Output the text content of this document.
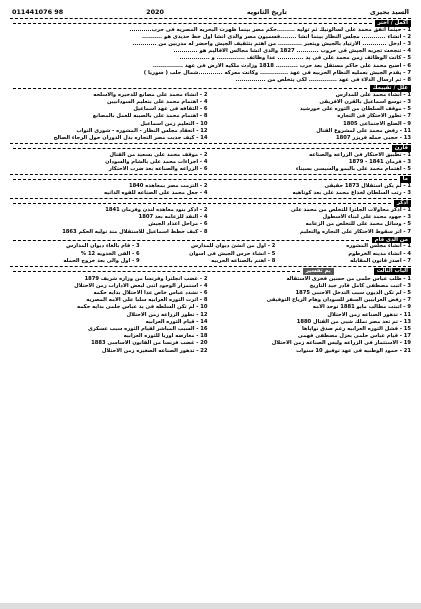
011441076 98	2020	تاريخ الثانويه	السيد بحيرى
اكمل / اختر
1 - حيثما اتفق محمد على لسالونيك ثم توليه .........حكم مصر بينما ظهرت البحريه المصريه فى حرب...........
2 - انشاء ............ مجلس النظار بينما انشا ........قسميون مصر والذى انشا اول خط حديدى هو ..........
3 - ادخل ............ الارتياد بالجيش ويتعبر ............ من اهتم بتثقيف الجيش واحضر له مدربين من ............
4 - تنجحت تجربه الجيش فى حروب ........... 1827 والذى انشا مجالس الاقاليم هو ............
5 - كانت الوظائف زمن محمد على فى يد ............. عدا وظائف .............. و ...............
6 - اصبح محمد على حاكم مستقل بعد حرب ........... 1818 وزادت ملكيه الارض فى عهد ...............
7 - يقدم الجيش بعمليه النظام الحربيه فى عهد .............. وكانت معركه ............شمال حلب ( سوريا )
8 - تم ارسال الدلاء فى عهد .............. لكى يتخلص من ...............
علل / تقييمك
1 - انشاء محمد على للمدارس
2 - انشاء محمد على مصانع للذخيره والاسلحه
3 - توسع اسماعيل بالقرن الافريقى
4 - اهتمام محمد على بتعليم السودانيين
5 - موقف السلطان من الثوره على خورشيد
6 - الثقافه فى عهد اسماعيل
7 - تطور الاحتكار فى التجاره
8 - اهتمام محمد على بالصيبه للعمل بالمصانع
9 - الصلح الاجتماعى 1805
10 - التعليم زمن اسماعيل
11 - رفض محمد على لمشروع القتال
12 - انعقاد مجلس النظار - المشوره - شورى النواب
13 - حجبى حمله فريزر 1807
14 - كيف جذبت مصر التجاره بدل الدوران حول الرجاء الصالح
قارن
1 - تطبيق الاحتكار فى الزراعه والصناعه
2 - موقف محمد على بسعيد من القتال
3 - فرمان 1841 - 1879
4 - اجراءات محمد على بالشام والسودان
5 - اهتمام محمد على باليمو والسيسى بسيناء
6 - الزراعه والصناعه بعد ضرب الاحتكار
ما
1 - لم يكن استقلال 1873 حقيقى
2 - التزمت مصر بمعاهده 1840
3 - رتب السلطان لخداع محمد على بعد كوتاهيه
4 - جعل محمد على الصناعه للقوه الذاتيه
اذكر
1 - اذكر محاولات الجلترا للتخلص من محمد على
2 - اذكر بنود معاهده لندن وفرمان 1841
3 - جهود محمد على لبناء الاسطول
4 - النقد للزعامه بعد 1807
5 - وسائل محمد على للتخلص من الزعامه
6 - مراحل اعداد الجيش
7 - اثر سقوط الاحتكار على التجاره والتعليم
8 - كيف خطط اسماعيل للاستقلال منذ توليه الحكم 1863
من الذى قام
1 - انشاء مجلس المشوره
2 - اول من انشئ ديوان للمدارس
3 - قام بالغاء ديوان المدارس
4 - انشاء مدينه الخرطوم
5 - انشاء حرس الجيش فى اسوان
6 - الفى الخدويه 12 %
7 - اصدر قانون المقابله
8 - اهتم بالصناعه الحربيه
9 - اول والى بعد خروج الحمله
الباب الثالث
يم تفسير
1 - طلب عباس حلمى من حسين فخرى الاستقاله
2 - غضب انجلترا وفرنسا من وزاره شريف 1879
3 - اثبت مصطفى كامل قادر جيد التاريخ
4 - استمرار الوجود اثنى لبعض الادارات زمن الاحتلال
5 - لم تكن الديون سبب التدخل الاجنبى 1875
6 - تشدد عباس خاص عدا الاحتلال بدايه حكمه
7 - رفض العرابيين السفر للسودان وهام الرياح التوفيقى
8 - اثرت الثوره العرابيه سلبا على الامه المصريه
9 - اثبتت مطالب مايو 1881 توحد الامه
10 - لم تكن السلطه فى يد عباس حلمى بدايه حكمه
11 - تدهور الصناعه زمن الاحتلال
12 - تطور الزراعه زمن الاحتلال
13 - تم تعد مصر تملك شيى من القتال 1880
14 - قيام الثوره العرابيه
15 - فشل الثوره العرابيه رغم صدق نواياها
16 - السبب المباشر لقيام الثوره سبب عسكرى
17 - قيام عباس حلمى بعزل مصطفى فهمى
18 - معارضه اوربا للثوره العرابيه
19 - الاستثمار فى الزراعه وليس الصناعه زمن الاحتلال
20 - غضب فرنسا من القانون الاساسى 1883
21 - حمود الوطنيه فى عهد توفيق 10 سنوات
22 - تدهور الصناعه الصغيره زمن الاحتلال
